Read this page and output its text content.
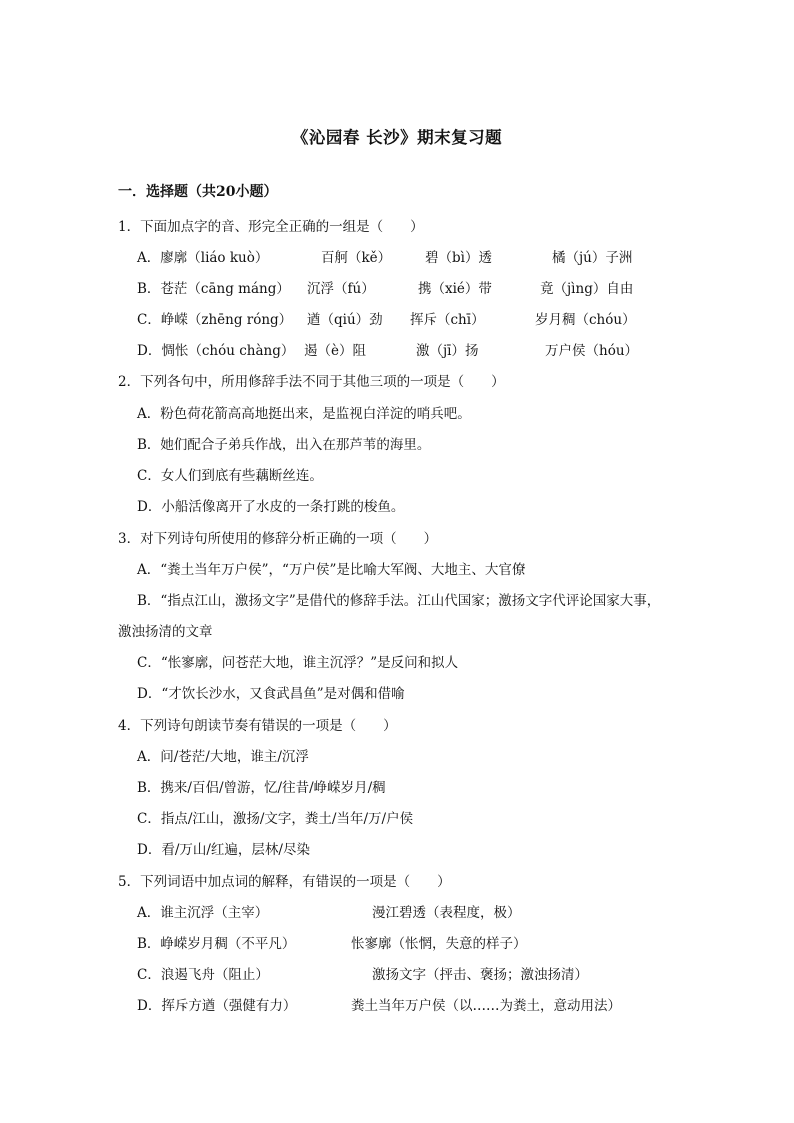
《沁园春 长沙》期末复习题
一．选择题（共20小题）
1．下面加点字的音、形完全正确的一组是（　　）
A．廖廓（liáo kuò）	百舸（kě）	碧（bì）透	橘（jú）子洲
B．苍茫（cāng máng） 沉浮（fú）	携（xié）带	竟（jìng）自由
C．峥嵘（zhēng róng） 遒（qiú）劲 挥斥（chī）	岁月稠（chóu）
D．惆怅（chóu chàng） 遏（è）阻	激（jī）扬	万户侯（hóu）
2．下列各句中，所用修辞手法不同于其他三项的一项是（　　）
A．粉色荷花箭高高地挺出来，是监视白洋淀的哨兵吧。
B．她们配合子弟兵作战，出入在那芦苇的海里。
C．女人们到底有些藕断丝连。
D．小船活像离开了水皮的一条打跳的梭鱼。
3．对下列诗句所使用的修辞分析正确的一项（　　）
A．“粪土当年万户侯”，“万户侯”是比喻大军阀、大地主、大官僚
B．“指点江山，激扬文字”是借代的修辞手法。江山代国家；激扬文字代评论国家大事，
激浊扬清的文章
C．“怅寥廓，问苍茫大地，谁主沉浮？”是反问和拟人
D．“才饮长沙水，又食武昌鱼”是对偶和借喻
4．下列诗句朗读节奏有错误的一项是（　　）
A．问/苍茫/大地，谁主/沉浮
B．携来/百侣/曾游，忆/往昔/峥嵘岁月/稠
C．指点/江山，激扬/文字，粪土/当年/万/户侯
D．看/万山/红遍，层林/尽染
5．下列词语中加点词的解释，有错误的一项是（　　）
A．谁主沉浮（主宰）	漫江碧透（表程度，极）
B．峥嵘岁月稠（不平凡）	怅寥廓（怅惘，失意的样子）
C．浪遏飞舟（阻止）	激扬文字（抨击、褒扬；激浊扬清）
D．挥斥方遒（强健有力）	粪土当年万户侯（以……为粪土，意动用法）
